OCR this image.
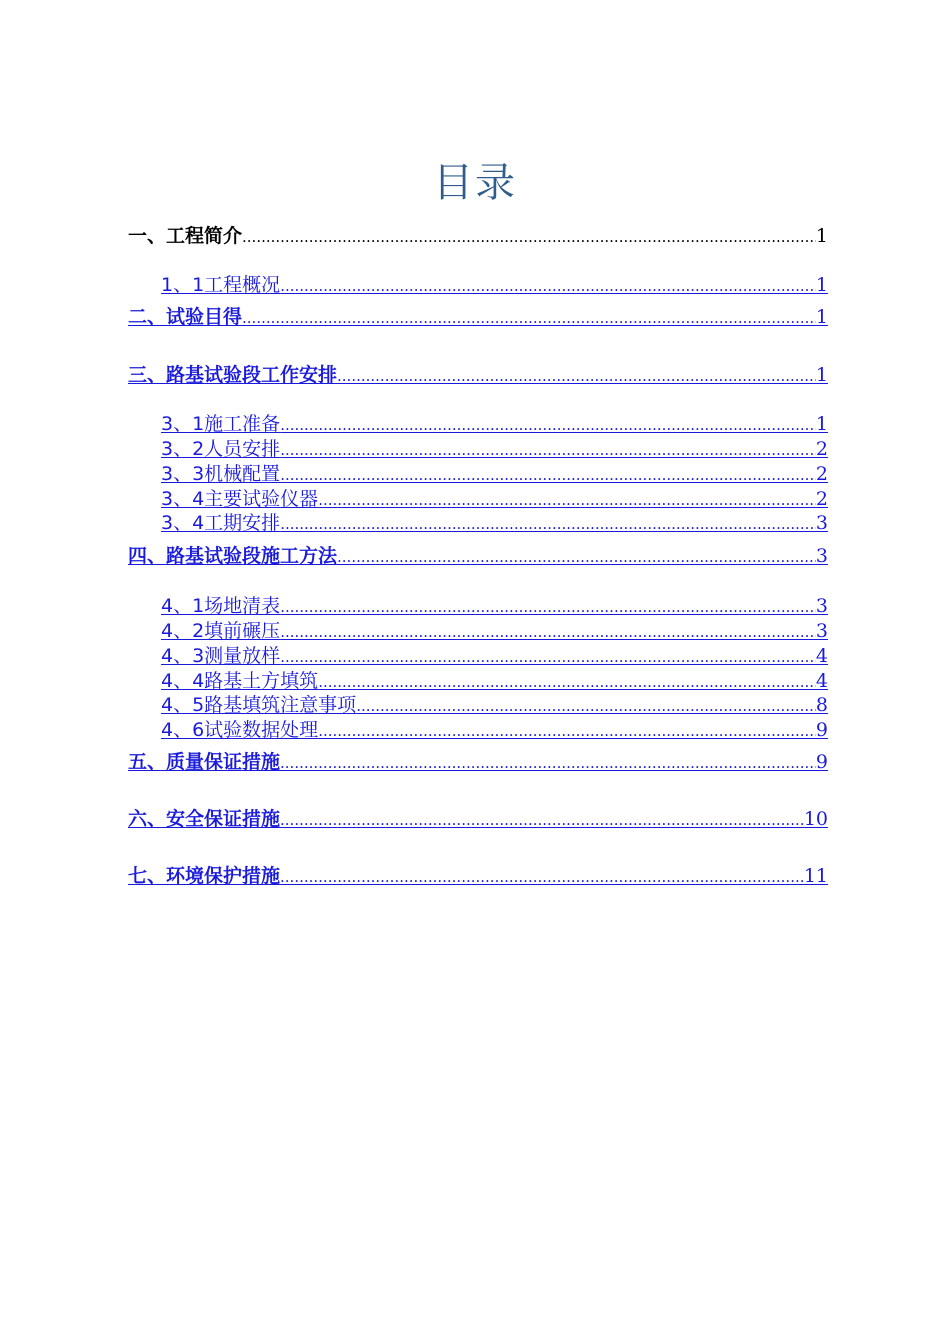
目录
一、工程简介 .....	1
1、1工程概况 .....	1
二、试验目得 .....	1
三、路基试验段工作安排 .....	1
3、1施工准备 .....	1
3、2人员安排 .....	2
3、3机械配置 .....	2
3、4主要试验仪器 .....	2
3、4工期安排 .....	3
四、路基试验段施工方法 .....	3
4、1场地清表 .....	3
4、2填前碾压 .....	3
4、3测量放样 .....	4
4、4路基土方填筑 .....	4
4、5路基填筑注意事项 .....	8
4、6试验数据处理 .....	9
五、质量保证措施 .....	9
六、安全保证措施 .....	10
七、环境保护措施 .....	11
